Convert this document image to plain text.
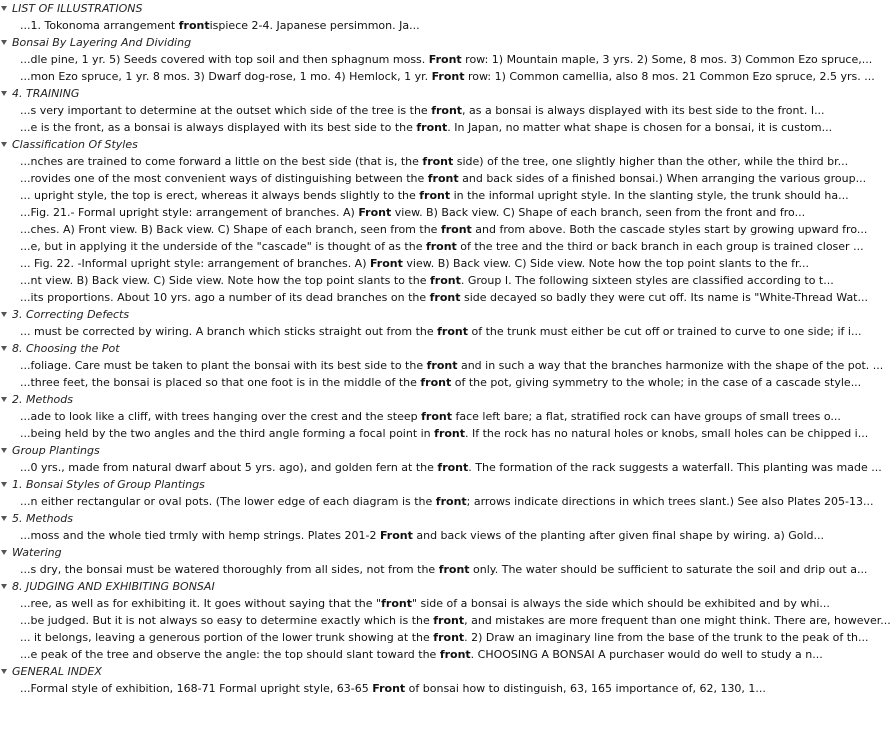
LIST OF ILLUSTRATIONS
...1. Tokonoma arrangement frontispiece 2-4. Japanese persimmon. Ja...
Bonsai By Layering And Dividing
...dle pine, 1 yr. 5) Seeds covered with top soil and then sphagnum moss. Front row: 1) Mountain maple, 3 yrs. 2) Some, 8 mos. 3) Common Ezo spruce,...
...mon Ezo spruce, 1 yr. 8 mos. 3) Dwarf dog-rose, 1 mo. 4) Hemlock, 1 yr. Front row: 1) Common camellia, also 8 mos. 21 Common Ezo spruce, 2.5 yrs. ...
4. TRAINING
...s very important to determine at the outset which side of the tree is the front, as a bonsai is always displayed with its best side to the front. I...
...e is the front, as a bonsai is always displayed with its best side to the front. In Japan, no matter what shape is chosen for a bonsai, it is custom...
Classification Of Styles
...nches are trained to come forward a little on the best side (that is, the front side) of the tree, one slightly higher than the other, while the third br...
...rovides one of the most convenient ways of distinguishing between the front and back sides of a finished bonsai.) When arranging the various group...
... upright style, the top is erect, whereas it always bends slightly to the front in the informal upright style. In the slanting style, the trunk should ha...
...Fig. 21.- Formal upright style: arrangement of branches. A) Front view. B) Back view. C) Shape of each branch, seen from the front and fro...
...ches. A) Front view. B) Back view. C) Shape of each branch, seen from the front and from above. Both the cascade styles start by growing upward fro...
...e, but in applying it the underside of the "cascade" is thought of as the front of the tree and the third or back branch in each group is trained closer ...
... Fig. 22. -Informal upright style: arrangement of branches. A) Front view. B) Back view. C) Side view. Note how the top point slants to the fr...
...nt view. B) Back view. C) Side view. Note how the top point slants to the front. Group I. The following sixteen styles are classified according to t...
...its proportions. About 10 yrs. ago a number of its dead branches on the front side decayed so badly they were cut off. Its name is "White-Thread Wat...
3. Correcting Defects
... must be corrected by wiring. A branch which sticks straight out from the front of the trunk must either be cut off or trained to curve to one side; if i...
8. Choosing the Pot
...foliage. Care must be taken to plant the bonsai with its best side to the front and in such a way that the branches harmonize with the shape of the pot. ...
...three feet, the bonsai is placed so that one foot is in the middle of the front of the pot, giving symmetry to the whole; in the case of a cascade style...
2. Methods
...ade to look like a cliff, with trees hanging over the crest and the steep front face left bare; a flat, stratified rock can have groups of small trees o...
...being held by the two angles and the third angle forming a focal point in front. If the rock has no natural holes or knobs, small holes can be chipped i...
Group Plantings
...0 yrs., made from natural dwarf about 5 yrs. ago), and golden fern at the front. The formation of the rack suggests a waterfall. This planting was made ...
1. Bonsai Styles of Group Plantings
...n either rectangular or oval pots. (The lower edge of each diagram is the front; arrows indicate directions in which trees slant.) See also Plates 205-13...
5. Methods
...moss and the whole tied trmly with hemp strings. Plates 201-2 Front and back views of the planting after given final shape by wiring. a) Gold...
Watering
...s dry, the bonsai must be watered thoroughly from all sides, not from the front only. The water should be sufficient to saturate the soil and drip out a...
8. JUDGING AND EXHIBITING BONSAI
...ree, as well as for exhibiting it. It goes without saying that the "front" side of a bonsai is always the side which should be exhibited and by whi...
...be judged. But it is not always so easy to determine exactly which is the front, and mistakes are more frequent than one might think. There are, however...
... it belongs, leaving a generous portion of the lower trunk showing at the front. 2) Draw an imaginary line from the base of the trunk to the peak of th...
...e peak of the tree and observe the angle: the top should slant toward the front. CHOOSING A BONSAI A purchaser would do well to study a n...
GENERAL INDEX
...Formal style of exhibition, 168-71 Formal upright style, 63-65 Front of bonsai how to distinguish, 63, 165 importance of, 62, 130, 1...
